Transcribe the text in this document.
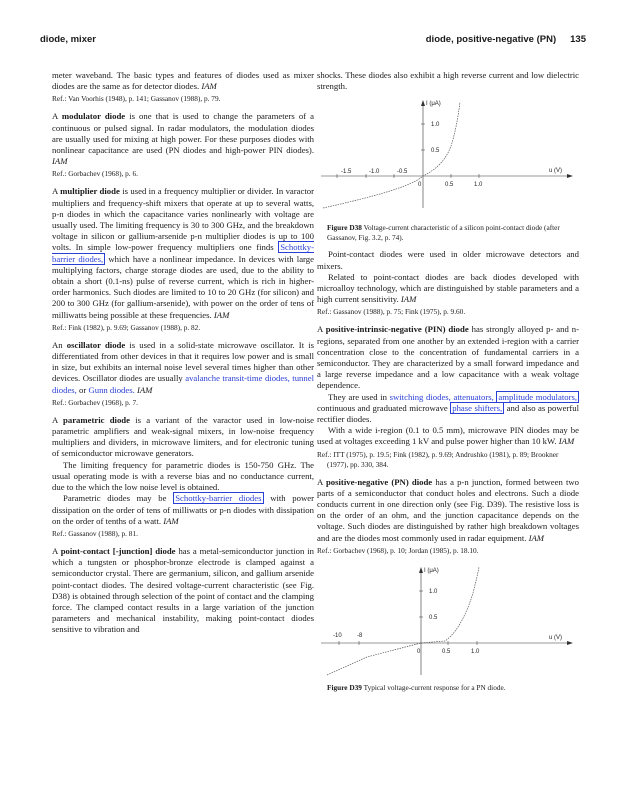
diode, mixer	diode, positive-negative (PN) 135

meter waveband. The basic types and features of diodes used as mixer diodes are the same as for detector diodes. IAM

Ref.: Van Voorhis (1948), p. 141; Gassanov (1988), p. 79.

A modulator diode is one that is used to change the parameters of a continuous or pulsed signal. In radar modulators, the modulation diodes are usually used for mixing at high power. For these purposes diodes with nonlinear capacitance are used (PN diodes and high-power PIN diodes). IAM

Ref.: Gorbachev (1968), p. 6.

A multiplier diode is used in a frequency multiplier or divider. In varactor multipliers and frequency-shift mixers that operate at up to several watts, p-n diodes in which the capacitance varies nonlinearly with voltage are usually used. The limiting frequency is 30 to 300 GHz, and the breakdown voltage in silicon or gallium-arsenide p-n multiplier diodes is up to 100 volts. In simple low-power frequency multipliers one finds Schottky-barrier diodes, which have a nonlinear impedance. In devices with large multiplying factors, charge storage diodes are used, due to the ability to obtain a short (0.1-ns) pulse of reverse current, which is rich in higher-order harmonics. Such diodes are limited to 10 to 20 GHz (for silicon) and 200 to 300 GHz (for gallium-arsenide), with power on the order of tens of milliwatts being possible at these frequencies. IAM

Ref.: Fink (1982), p. 9.69; Gassanov (1988), p. 82.

An oscillator diode is used in a solid-state microwave oscillator. It is differentiated from other devices in that it requires low power and is small in size, but exhibits an internal noise level several times higher than other devices. Oscillator diodes are usually avalanche transit-time diodes, tunnel diodes, or Gunn diodes. IAM

Ref.: Gorbachev (1968), p. 7.

A parametric diode is a variant of the varactor used in low-noise parametric amplifiers and weak-signal mixers, in low-noise frequency multipliers and dividers, in microwave limiters, and for electronic tuning of semiconductor microwave generators.

The limiting frequency for parametric diodes is 150-750 GHz. The usual operating mode is with a reverse bias and no conductance current, due to the which the low noise level is obtained.

Parametric diodes may be Schottky-barrier diodes with power dissipation on the order of tens of milliwatts or p-n diodes with dissipation on the order of tenths of a watt. IAM

Ref.: Gassanov (1988), p. 81.

A point-contact [-junction] diode has a metal-semiconductor junction in which a tungsten or phosphor-bronze electrode is clamped against a semiconductor crystal. There are germanium, silicon, and gallium arsenide point-contact diodes. The desired voltage-current characteristic (see Fig. D38) is obtained through selection of the point of contact and the clamping force. The clamped contact results in a large variation of the junction parameters and mechanical instability, making point-contact diodes sensitive to vibration and

shocks. These diodes also exhibit a high reverse current and low dielectric strength.

I (μA)
1.0
0.5
-1.5	-1.0	-0.5
0	0.5	1.0
u (V)

Figure D38 Voltage-current characteristic of a silicon point-contact diode (after Gassanov, Fig. 3.2, p. 74).

Point-contact diodes were used in older microwave detectors and mixers.

Related to point-contact diodes are back diodes developed with microalloy technology, which are distinguished by stable parameters and a high current sensitivity. IAM

Ref.: Gassanov (1988), p. 75; Fink (1975), p. 9.60.

A positive-intrinsic-negative (PIN) diode has strongly alloyed p- and n-regions, separated from one another by an extended i-region with a carrier concentration close to the concentration of fundamental carriers in a semiconductor. They are characterized by a small forward impedance and a large reverse impedance and a low capacitance with a weak voltage dependence.

They are used in switching diodes, attenuators, amplitude modulators, continuous and graduated microwave phase shifters, and also as powerful rectifier diodes.

With a wide i-region (0.1 to 0.5 mm), microwave PIN diodes may be used at voltages exceeding 1 kV and pulse power higher than 10 kW. IAM

Ref.: ITT (1975), p. 19.5; Fink (1982), p. 9.69; Andrushko (1981), p. 89; Brookner (1977), pp. 330, 384.

A positive-negative (PN) diode has a p-n junction, formed between two parts of a semiconductor that conduct holes and electrons. Such a diode conducts current in one direction only (see Fig. D39). The resistive loss is on the order of an ohm, and the junction capacitance depends on the voltage. Such diodes are distinguished by rather high breakdown voltages and are the diodes most commonly used in radar equipment. IAM

Ref.: Gorbachev (1968), p. 10; Jordan (1985), p. 18.10.

I (μA)
1.0
0.5
-10	-8
0	0.5	1.0
u (V)

Figure D39 Typical voltage-current response for a PN diode.
